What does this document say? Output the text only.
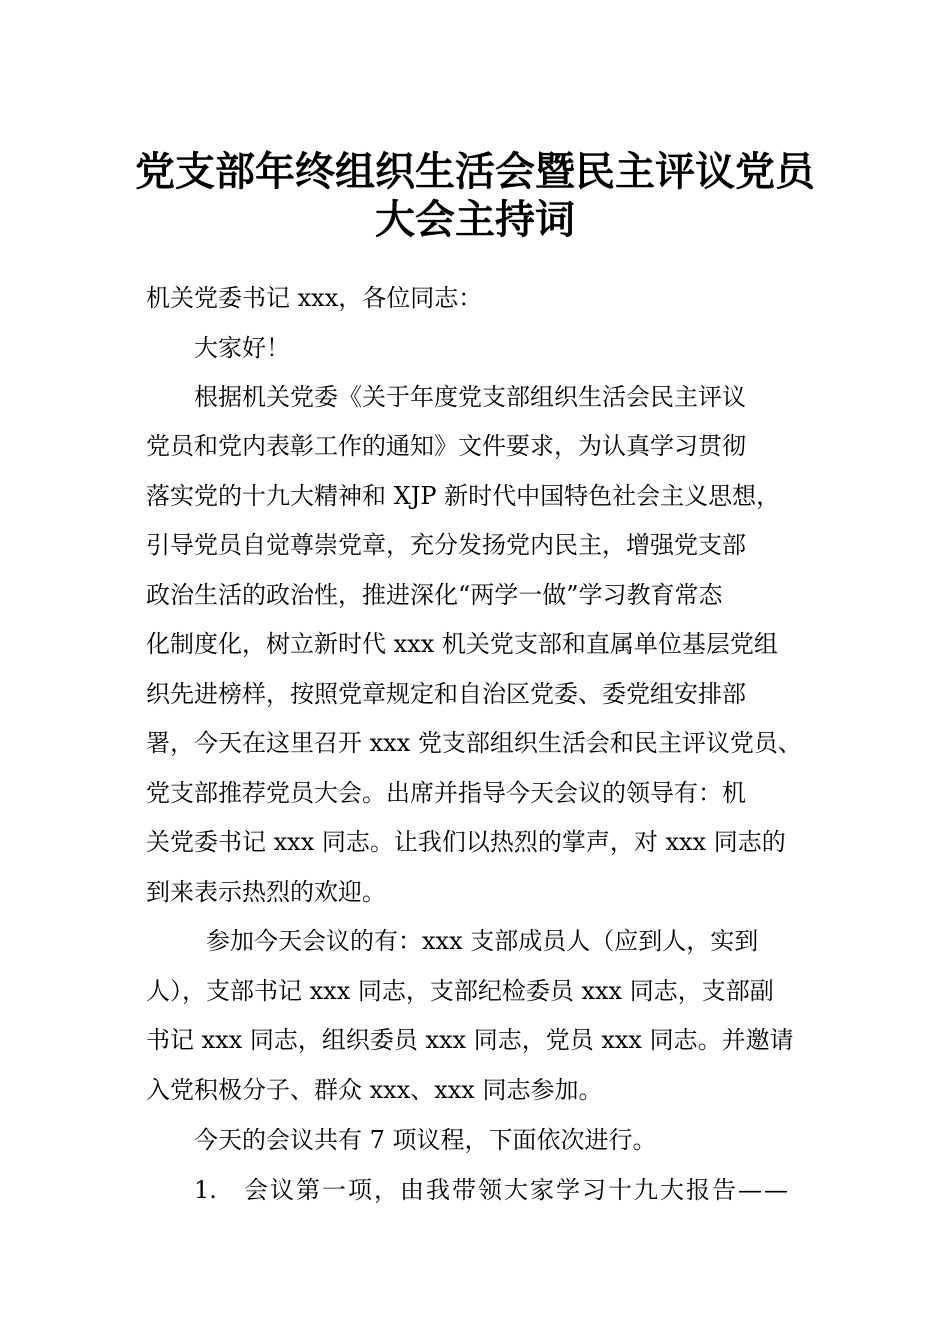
党支部年终组织生活会暨民主评议党员
大会主持词
机关党委书记 xxx，各位同志：
大家好！
根据机关党委《关于年度党支部组织生活会民主评议
党员和党内表彰工作的通知》文件要求，为认真学习贯彻
落实党的十九大精神和 XJP 新时代中国特色社会主义思想，
引导党员自觉尊崇党章，充分发扬党内民主，增强党支部
政治生活的政治性，推进深化“两学一做”学习教育常态
化制度化，树立新时代 xxx 机关党支部和直属单位基层党组
织先进榜样，按照党章规定和自治区党委、委党组安排部
署，今天在这里召开 xxx 党支部组织生活会和民主评议党员、
党支部推荐党员大会。出席并指导今天会议的领导有：机
关党委书记 xxx 同志。让我们以热烈的掌声，对 xxx 同志的
到来表示热烈的欢迎。
参加今天会议的有：xxx 支部成员人（应到人，实到
人），支部书记 xxx 同志，支部纪检委员 xxx 同志，支部副
书记 xxx 同志，组织委员 xxx 同志，党员 xxx 同志。并邀请
入党积极分子、群众 xxx、xxx 同志参加。
今天的会议共有 7 项议程，下面依次进行。
1. 会议第一项，由我带领大家学习十九大报告——
